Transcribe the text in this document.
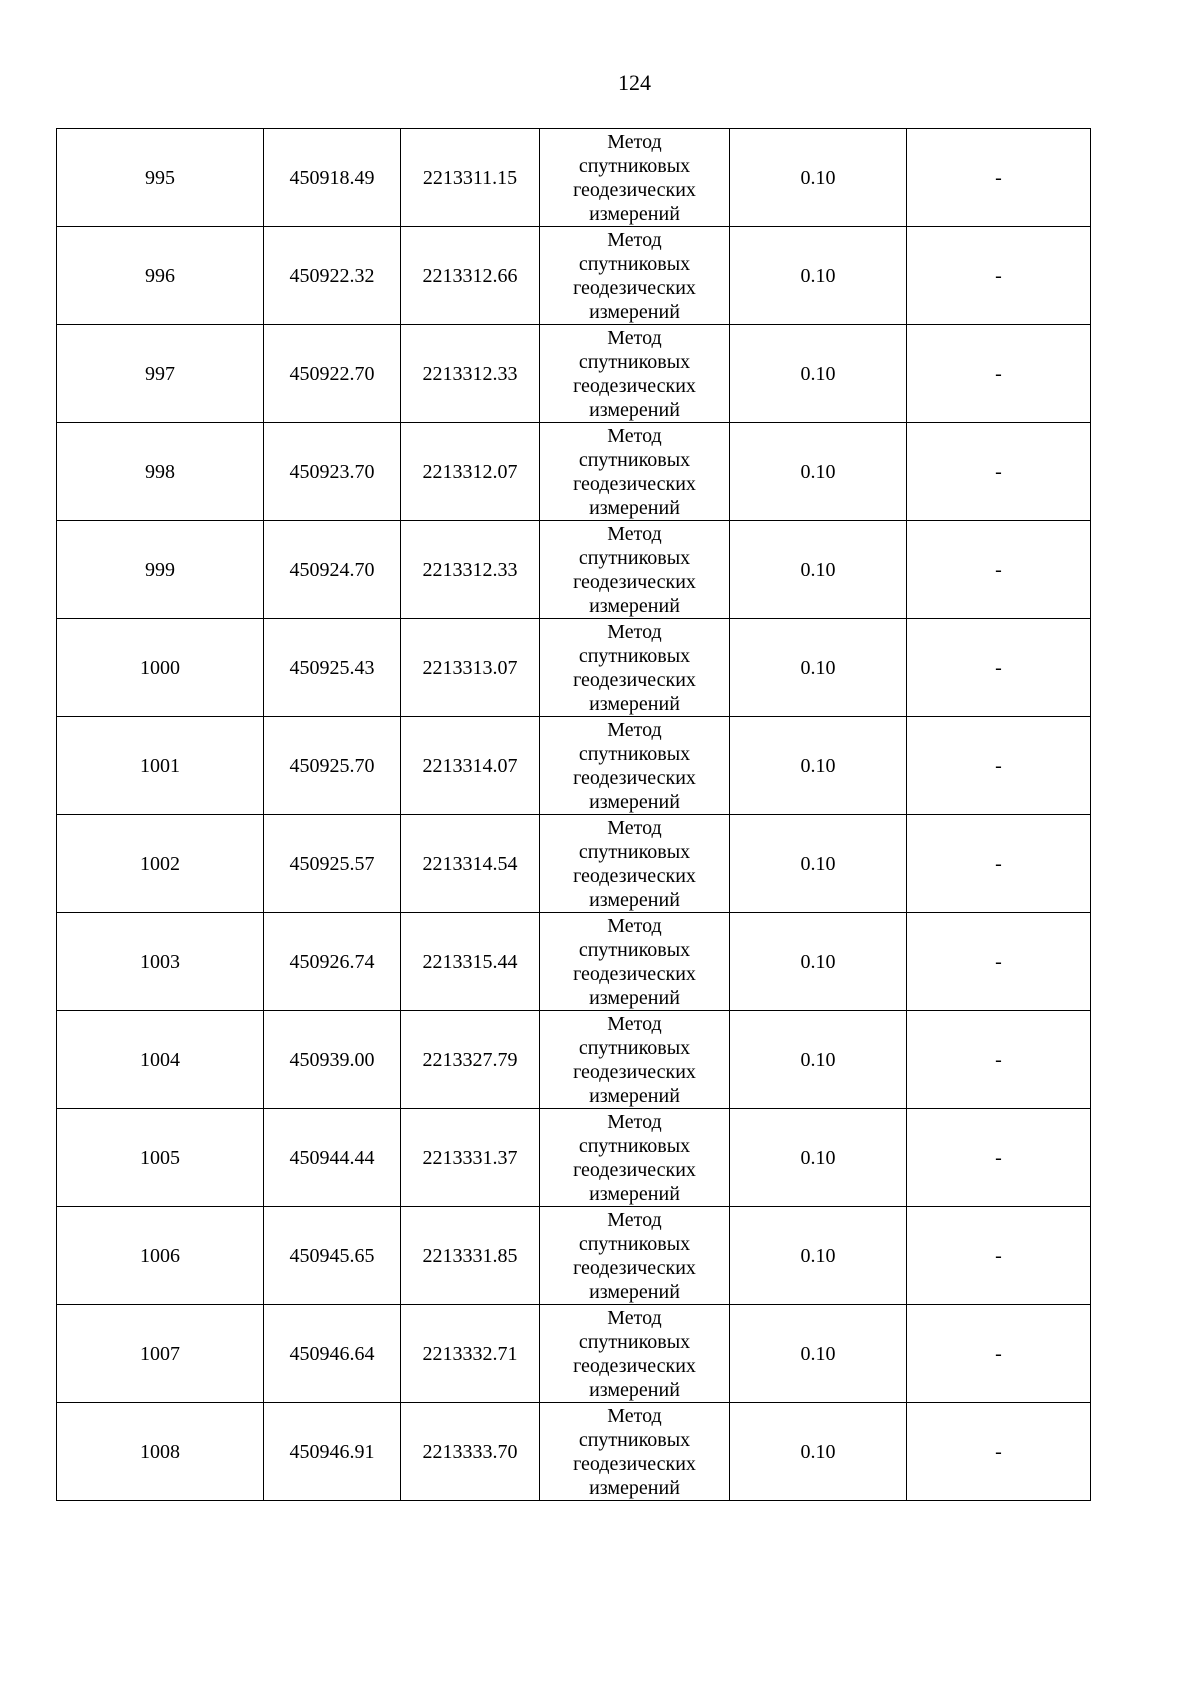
124
995	450918.49	2213311.15	Метод
спутниковых
геодезических
измерений	0.10	-
996	450922.32	2213312.66	Метод
спутниковых
геодезических
измерений	0.10	-
997	450922.70	2213312.33	Метод
спутниковых
геодезических
измерений	0.10	-
998	450923.70	2213312.07	Метод
спутниковых
геодезических
измерений	0.10	-
999	450924.70	2213312.33	Метод
спутниковых
геодезических
измерений	0.10	-
1000	450925.43	2213313.07	Метод
спутниковых
геодезических
измерений	0.10	-
1001	450925.70	2213314.07	Метод
спутниковых
геодезических
измерений	0.10	-
1002	450925.57	2213314.54	Метод
спутниковых
геодезических
измерений	0.10	-
1003	450926.74	2213315.44	Метод
спутниковых
геодезических
измерений	0.10	-
1004	450939.00	2213327.79	Метод
спутниковых
геодезических
измерений	0.10	-
1005	450944.44	2213331.37	Метод
спутниковых
геодезических
измерений	0.10	-
1006	450945.65	2213331.85	Метод
спутниковых
геодезических
измерений	0.10	-
1007	450946.64	2213332.71	Метод
спутниковых
геодезических
измерений	0.10	-
1008	450946.91	2213333.70	Метод
спутниковых
геодезических
измерений	0.10	-
